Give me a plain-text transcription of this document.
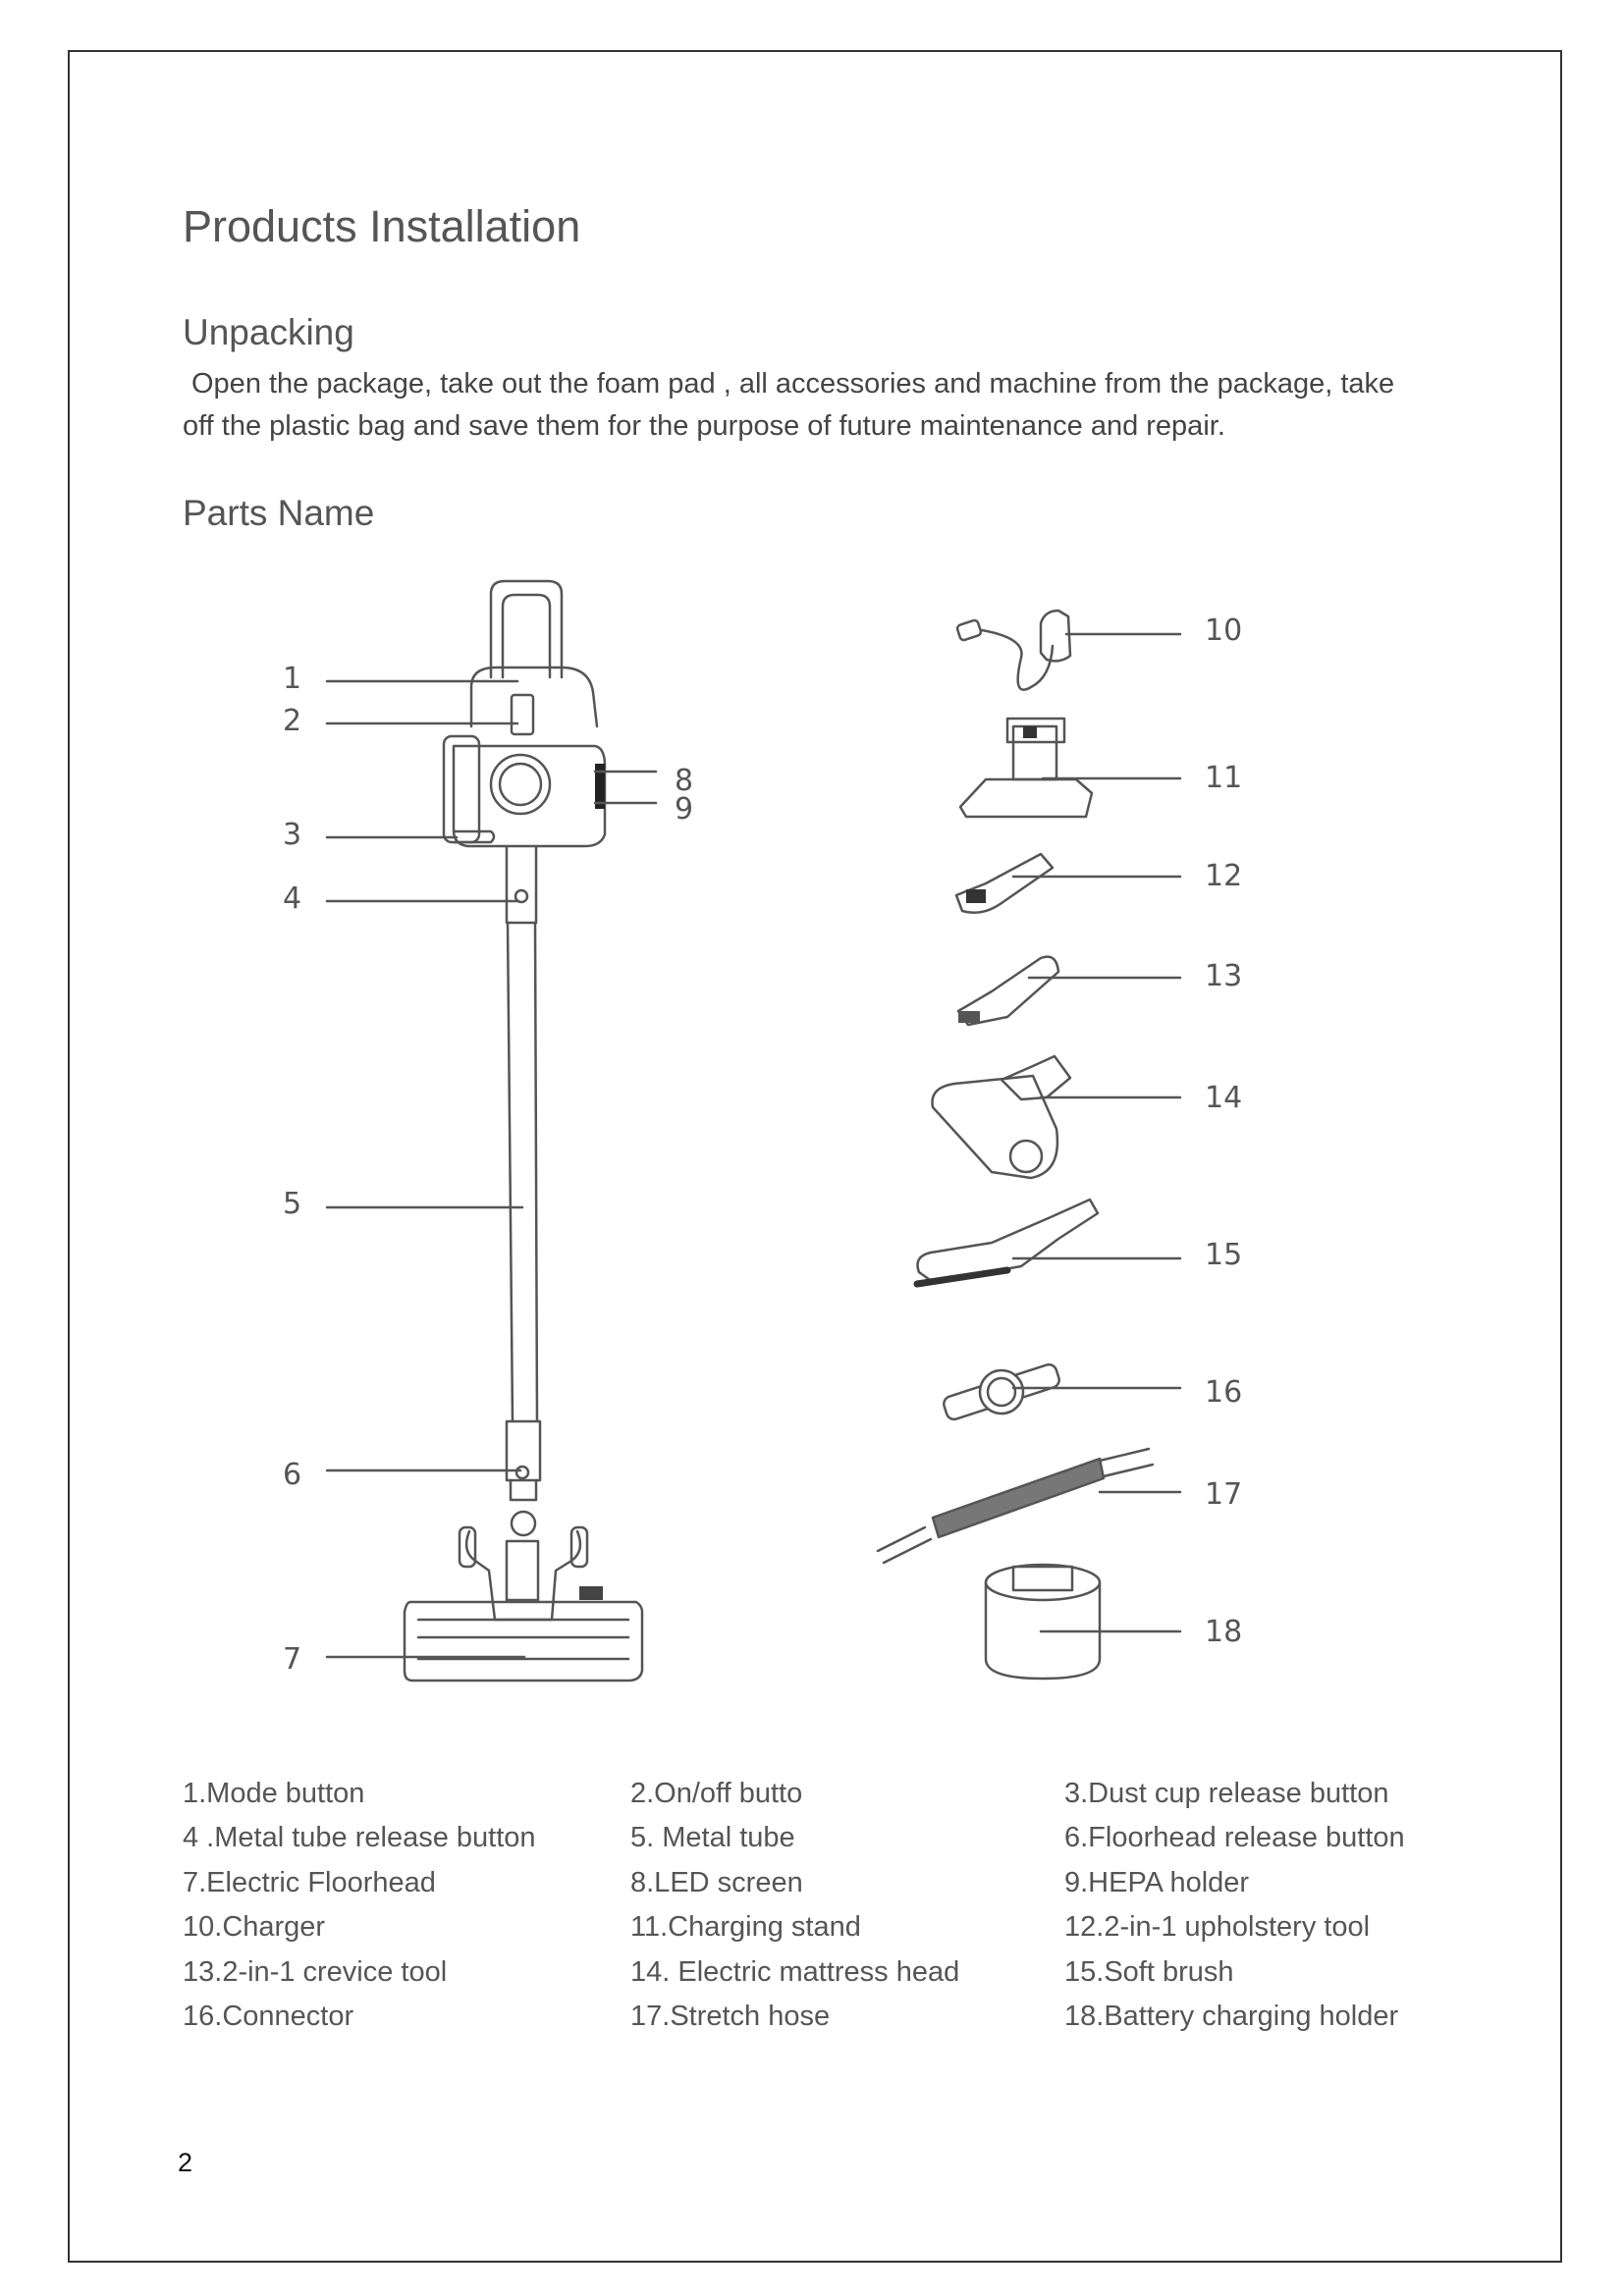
Products Installation
Unpacking

Open the package, take out the foam pad , all accessories and machine from the package, take

off the plastic bag and save them for the purpose of future maintenance and repair.

Parts Name
1
2
3
4
5
6
7
8
9
10
11
12
13
14
15
16
17
18
1.Mode button	2.On/off butto	3.Dust cup release button
4 .Metal tube release button	5. Metal tube	6.Floorhead release button
7.Electric Floorhead	8.LED screen	9.HEPA holder
10.Charger	11.Charging stand	12.2-in-1 upholstery tool
13.2-in-1 crevice tool	14. Electric mattress head	15.Soft brush
16.Connector	17.Stretch hose	18.Battery charging holder
2
